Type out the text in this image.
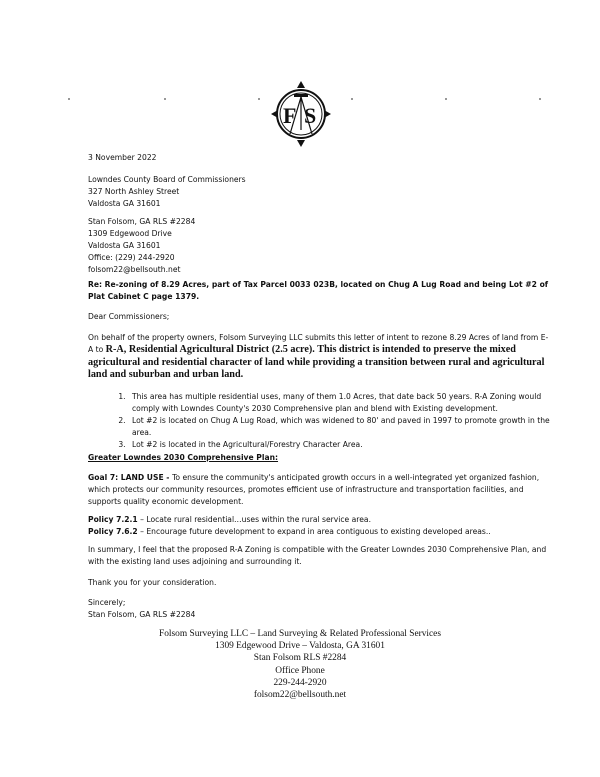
F S
3 November 2022
Lowndes County Board of Commissioners
327 North Ashley Street
Valdosta GA 31601
Stan Folsom, GA RLS #2284
1309 Edgewood Drive
Valdosta GA 31601
Office: (229) 244-2920
folsom22@bellsouth.net
Re: Re-zoning of 8.29 Acres, part of Tax Parcel 0033 023B, located on Chug A Lug Road and being Lot #2 of Plat Cabinet C page 1379.
Dear Commissioners;
On behalf of the property owners, Folsom Surveying LLC submits this letter of intent to rezone 8.29 Acres of land from E-A to R-A, Residential Agricultural District (2.5 acre). This district is intended to preserve the mixed agricultural and residential character of land while providing a transition between rural and agricultural land and suburban and urban land.
1. This area has multiple residential uses, many of them 1.0 Acres, that date back 50 years. R-A Zoning would comply with Lowndes County's 2030 Comprehensive plan and blend with Existing development.
2. Lot #2 is located on Chug A Lug Road, which was widened to 80' and paved in 1997 to promote growth in the area.
3. Lot #2 is located in the Agricultural/Forestry Character Area.
Greater Lowndes 2030 Comprehensive Plan:
Goal 7: LAND USE - To ensure the community's anticipated growth occurs in a well-integrated yet organized fashion, which protects our community resources, promotes efficient use of infrastructure and transportation facilities, and supports quality economic development.
Policy 7.2.1 – Locate rural residential…uses within the rural service area.
Policy 7.6.2 – Encourage future development to expand in area contiguous to existing developed areas..
In summary, I feel that the proposed R-A Zoning is compatible with the Greater Lowndes 2030 Comprehensive Plan, and with the existing land uses adjoining and surrounding it.
Thank you for your consideration.
Sincerely;
Stan Folsom, GA RLS #2284
Folsom Surveying LLC – Land Surveying & Related Professional Services
1309 Edgewood Drive – Valdosta, GA 31601
Stan Folsom RLS #2284
Office Phone
229-244-2920
folsom22@bellsouth.net
